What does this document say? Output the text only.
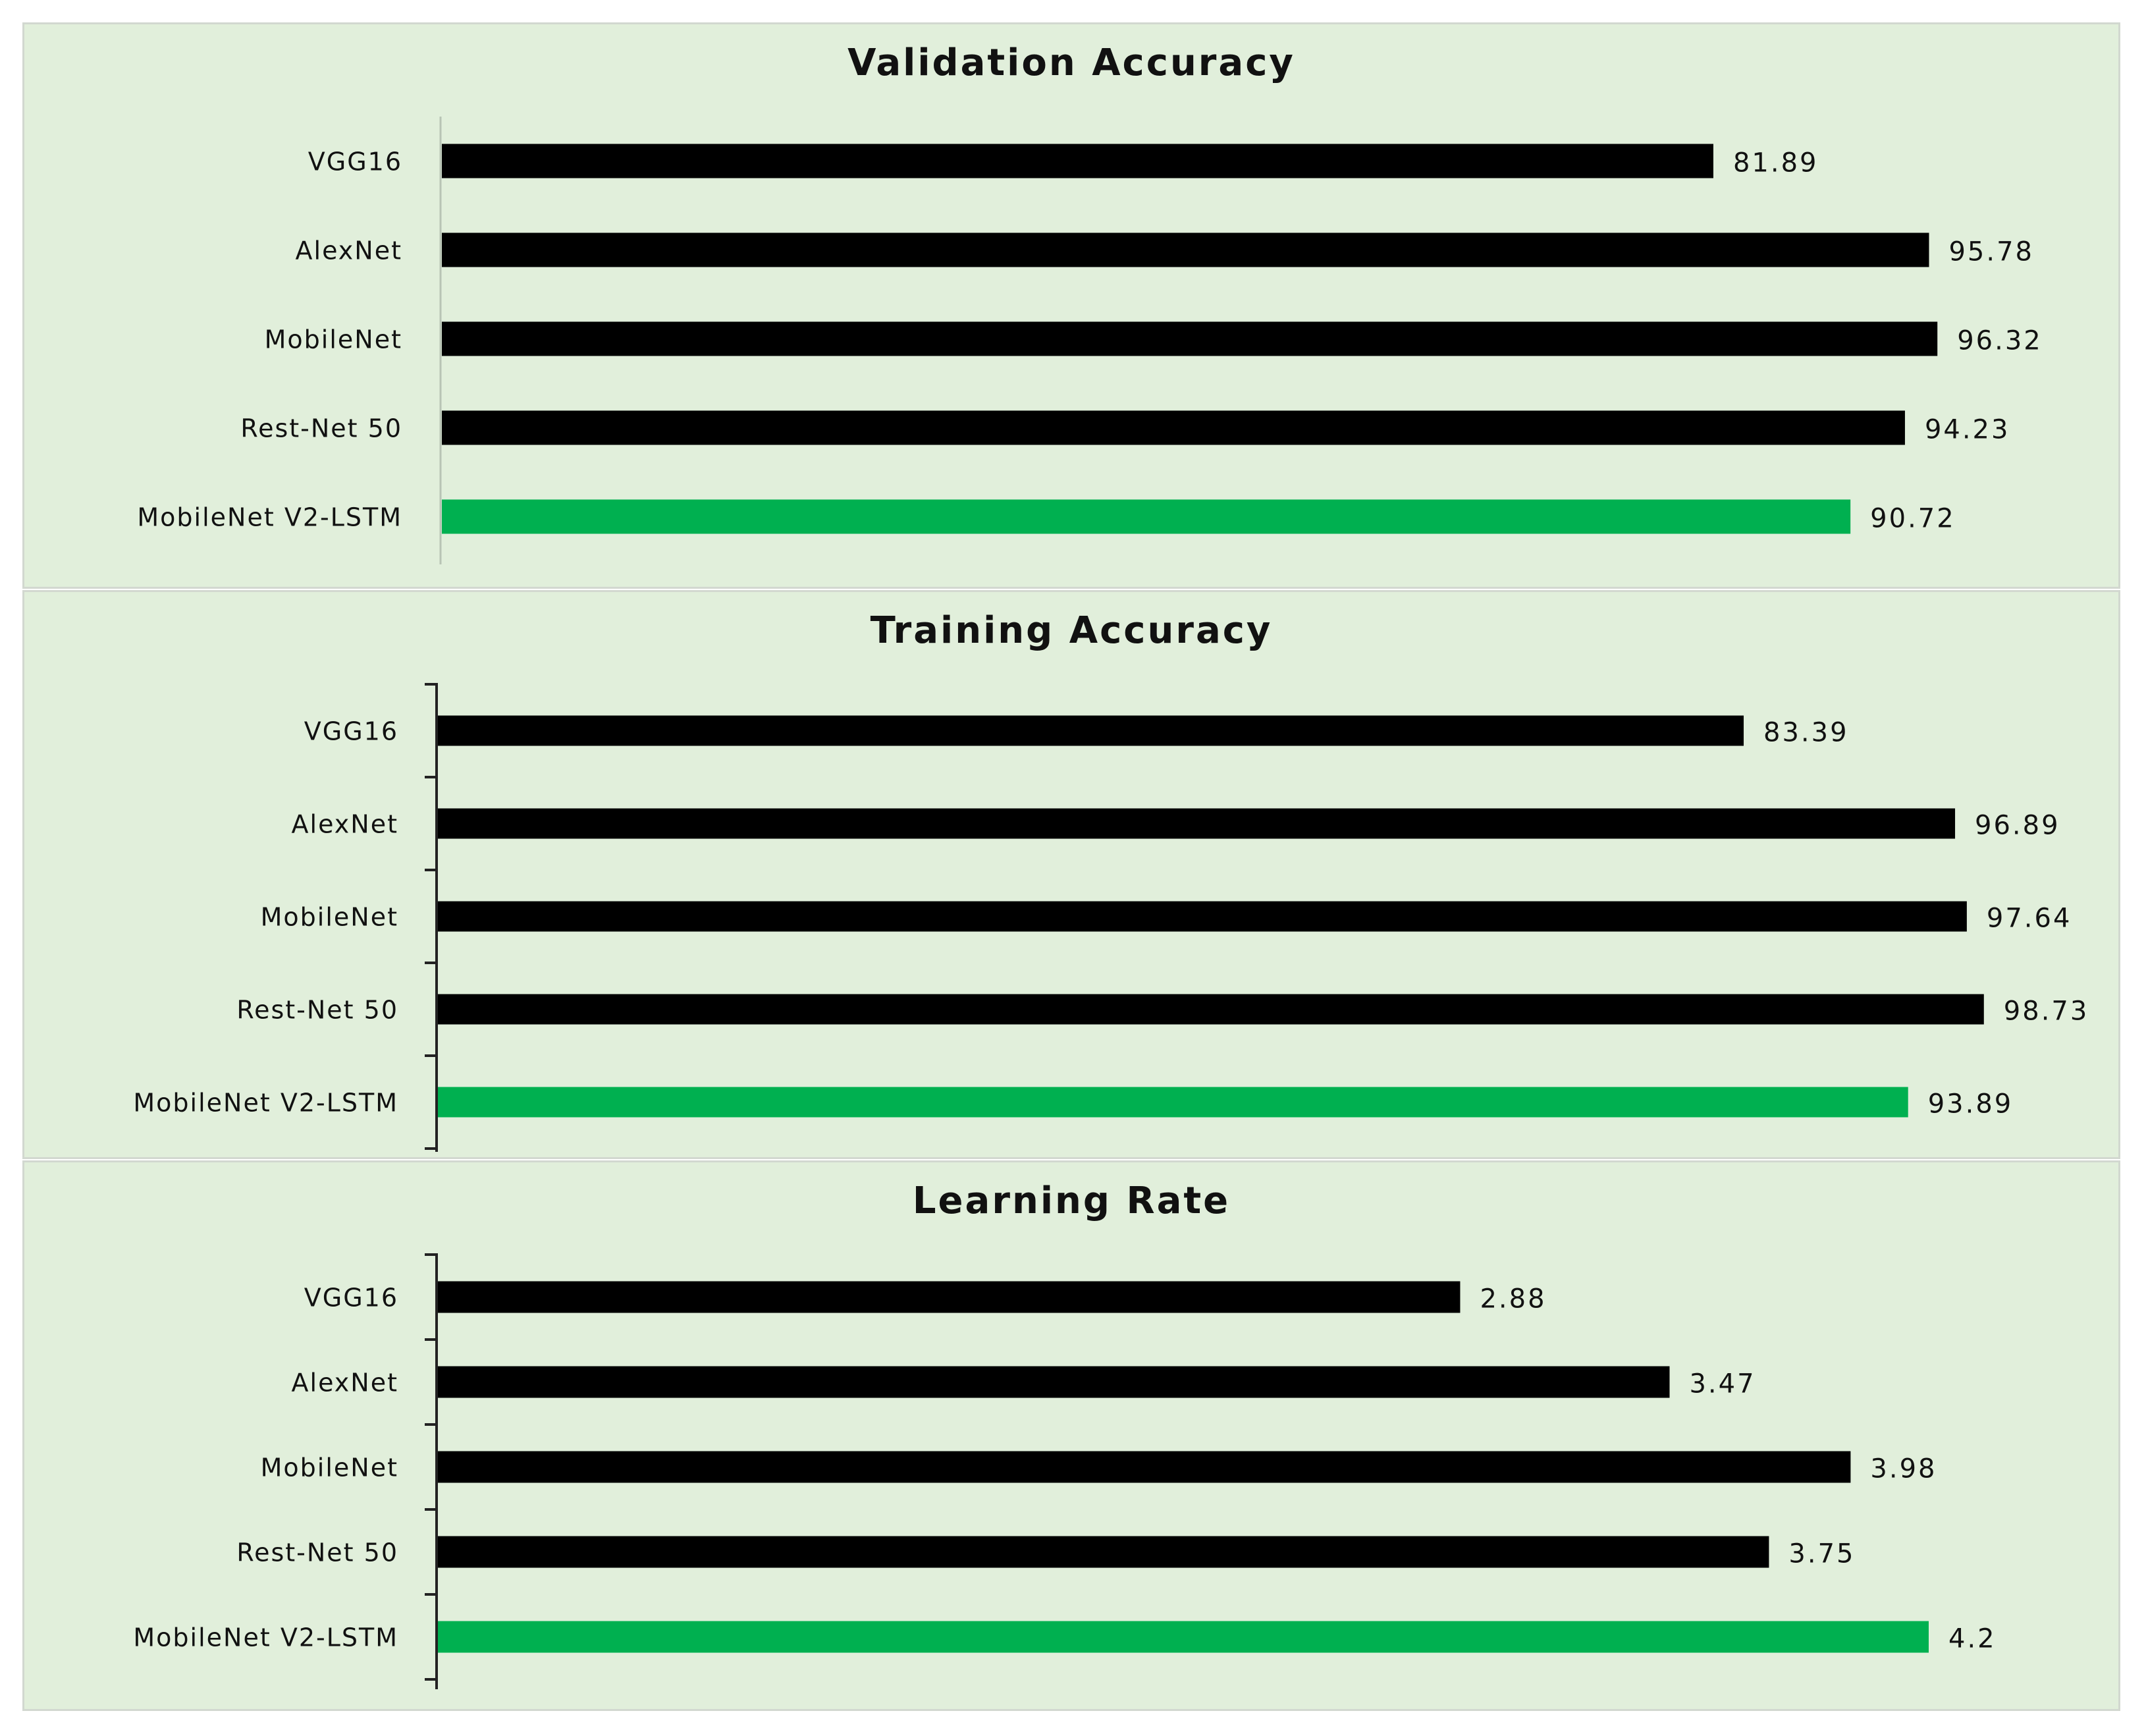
Validation Accuracy
VGG16	81.89
AlexNet	95.78
MobileNet	96.32
Rest-Net 50	94.23
MobileNet V2-LSTM	90.72
Training Accuracy
VGG16	83.39
AlexNet	96.89
MobileNet	97.64
Rest-Net 50	98.73
MobileNet V2-LSTM	93.89
Learning Rate
VGG16	2.88
AlexNet	3.47
MobileNet	3.98
Rest-Net 50	3.75
MobileNet V2-LSTM	4.2
